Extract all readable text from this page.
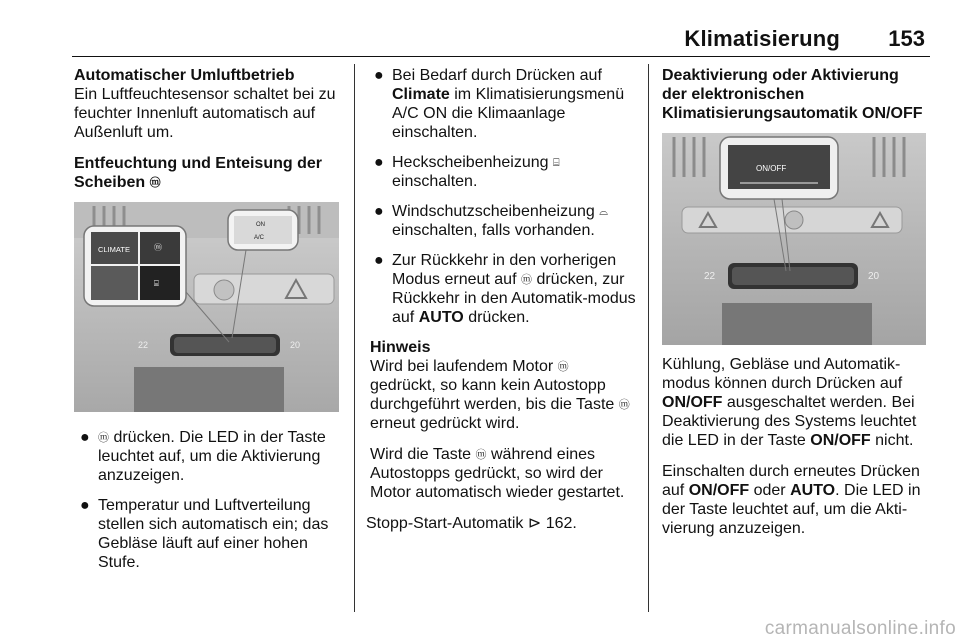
Klimatisierung 153
Automatischer Umluftbetrieb

Ein Luftfeuchtesensor schaltet bei zu feuchter Innenluft automatisch auf Außenluft um.

Entfeuchtung und Enteisung der Scheiben ⓜ
22	20
CLIMATE	ⓜ
⌸
ON
A/C
● ⓜ drücken. Die LED in der Taste leuchtet auf, um die Aktivierung anzuzeigen.
● Temperatur und Luftverteilung stellen sich automatisch ein; das Gebläse läuft auf einer hohen Stufe.
● Bei Bedarf durch Drücken auf Climate im Klimatisierungsmenü A/C ON die Klimaanlage einschalten.
● Heckscheibenheizung ⌸
einschalten.
● Windschutzscheibenheizung ⌓
einschalten, falls vorhanden.
● Zur Rückkehr in den vorherigen Modus erneut auf ⓜ drücken, zur Rückkehr in den Automatik-modus auf AUTO drücken.
Hinweis

Wird bei laufendem Motor ⓜ gedrückt, so kann kein Autostopp durchgeführt werden, bis die Taste ⓜ erneut gedrückt wird.

Wird die Taste ⓜ während eines Autostopps gedrückt, so wird der Motor automatisch wieder gestartet.

Stopp-Start-Automatik ⊳ 162.
Deaktivierung oder Aktivierung der elektronischen Klimatisierungsautomatik ON/OFF
22	20
ON/OFF

Kühlung, Gebläse und Automatik-modus können durch Drücken auf ON/OFF ausgeschaltet werden. Bei Deaktivierung des Systems leuchtet die LED in der Taste ON/OFF nicht.

Einschalten durch erneutes Drücken auf ON/OFF oder AUTO. Die LED in der Taste leuchtet auf, um die Akti-vierung anzuzeigen.

carmanualsonline.info
